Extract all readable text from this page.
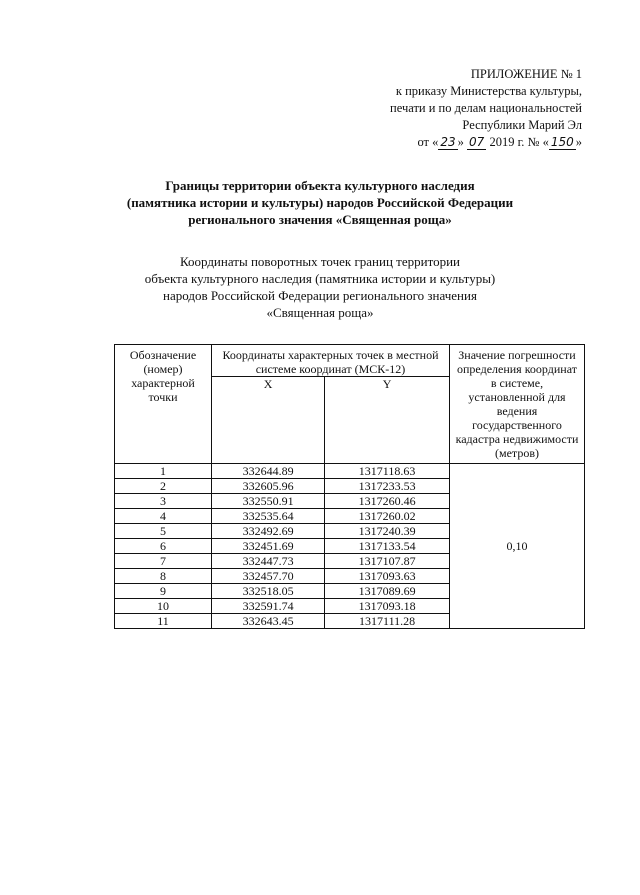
ПРИЛОЖЕНИЕ № 1
к приказу Министерства культуры,
печати и по делам национальностей
Республики Марий Эл
от « 23 » 07 2019 г. № « 150 »
Границы территории объекта культурного наследия
(памятника истории и культуры) народов Российской Федерации
регионального значения «Священная роща»
Координаты поворотных точек границ территории
объекта культурного наследия (памятника истории и культуры)
народов Российской Федерации регионального значения
«Священная роща»
Обозначение (номер) характерной точки	Координаты характерных точек в местной системе координат (МСК-12)		Значение погрешности определения координат в системе, установленной для ведения государственного кадастра недвижимости (метров)
	X	Y	
1	332644.89	1317118.63	0,10
2	332605.96	1317233.53	
3	332550.91	1317260.46	
4	332535.64	1317260.02	
5	332492.69	1317240.39	
6	332451.69	1317133.54	
7	332447.73	1317107.87	
8	332457.70	1317093.63	
9	332518.05	1317089.69	
10	332591.74	1317093.18	
11	332643.45	1317111.28	
